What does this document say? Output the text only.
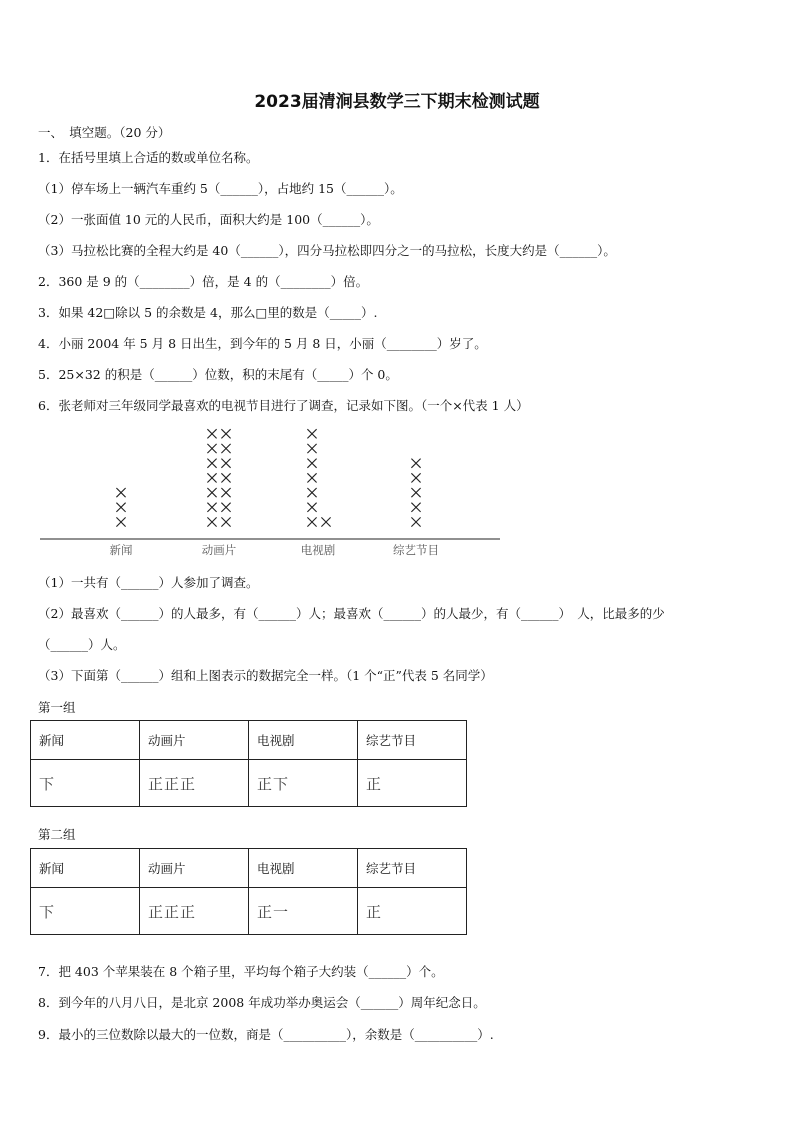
2023届清涧县数学三下期末检测试题
一、　填空题。（20 分）
1．在括号里填上合适的数或单位名称。
（1）停车场上一辆汽车重约 5（______），占地约 15（______）。
（2）一张面值 10 元的人民币，面积大约是 100（______）。
（3）马拉松比赛的全程大约是 40（______），四分马拉松即四分之一的马拉松，长度大约是（______）。
2．360 是 9 的（________）倍，是 4 的（________）倍。
3．如果 42□除以 5 的余数是 4，那么□里的数是（_____）.
4．小丽 2004 年 5 月 8 日出生，到今年的 5 月 8 日，小丽（________）岁了。
5．25×32 的积是（______）位数，积的末尾有（_____）个 0。
6．张老师对三年级同学最喜欢的电视节目进行了调查，记录如下图。（一个×代表 1 人）
新闻	动画片	电视剧	综艺节目
（1）一共有（______）人参加了调查。
（2）最喜欢（______）的人最多，有（______）人；最喜欢（______）的人最少，有（______）　人，比最多的少
（______）人。
（3）下面第（______）组和上图表示的数据完全一样。（1 个“正”代表 5 名同学）
第一组
新闻	动画片	电视剧	综艺节目
下	正正正	正下	正
第二组
新闻	动画片	电视剧	综艺节目
下	正正正	正一	正
7．把 403 个苹果装在 8 个箱子里，平均每个箱子大约装（______）个。
8．到今年的八月八日，是北京 2008 年成功举办奥运会（______）周年纪念日。
9．最小的三位数除以最大的一位数，商是（__________），余数是（__________）.
